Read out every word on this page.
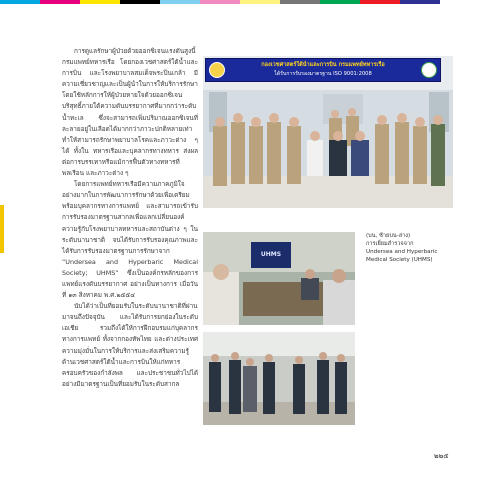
การดูแลรักษาผู้ป่วยด้วยออกซิเจนแรงดันสูงนี้ กรมแพทย์ทหารเรือ โดยกองเวชศาสตร์ใต้น้ำและการบิน และโรงพยาบาลสมเด็จพระปิ่นเกล้า มีความเชี่ยวชาญและเป็นผู้นำในการให้บริการรักษาโดยใช้หลักการให้ผู้ป่วยหายใจด้วยออกซิเจนบริสุทธิ์ภายใต้ความดันบรรยากาศที่มากกว่าระดับน้ำทะเล ซึ่งจะสามารถเพิ่มปริมาณออกซิเจนที่ละลายอยู่ในเลือดได้มากกว่าภาวะปกติหลายเท่า ทำให้สามารถรักษาพยาบาลโรคและภาวะต่าง ๆ ได้ ทั้งใน ทหารเรือและบุคลากรทางทหาร ส่งผลต่อการบรรเทาหรือแม้การฟื้นตัวทางทหารที่พลเรือน และภาวะต่าง ๆ

โดยการแพทย์ทหารเรือมีความภาคภูมิใจอย่างมากในการพัฒนาการรักษาด้วยเพื่อเตรียมพร้อมบุคลากรทางการแพทย์ และสามารถเข้ารับการรับรองมาตรฐานสากลเพื่อแลกเปลี่ยนองค์ความรู้กับโรงพยาบาลทหารและสถาบันต่าง ๆ ในระดับนานาชาติ จนได้รับการรับรองคุณภาพและได้รับการรับรองมาตรฐานการรักษาจาก “Undersea and Hyperbaric Medical Society; UHMS” ซึ่งเป็นองค์กรหลักของการแพทย์แรงดันบรรยากาศ อย่างเป็นทางการ เมื่อวันที่ ๑๓ สิงหาคม พ.ศ.๒๕๕๔

นับได้ว่าเป็นที่ยอมรับในระดับนานาชาติที่ผ่านมาจนถึงปัจจุบัน และได้รับการยกย่องในระดับเอเชีย รวมถึงได้ให้การฝึกอบรมแก่บุคลากรทางการแพทย์ ทั้งจากกองทัพไทย และต่างประเทศ ความมุ่งมั่นในการให้บริการและส่งเสริมความรู้ด้านเวชศาสตร์ใต้น้ำและการบินให้แก่ทหาร ครอบครัวของกำลังพล และประชาชนทั่วไปได้อย่างมีมาตรฐานเป็นที่ยอมรับในระดับสากล

กองเวชศาสตร์ใต้น้ำและการบิน กรมแพทย์ทหารเรือ
ได้รับการรับรองมาตรฐาน ISO 9001:2008
UHMS
(บน, ซ้ายบน-ล่าง)
การเยี่ยมสำรวจจาก
Undersea and Hyperbaric
Medical Society (UHMS)
๒๒๕
